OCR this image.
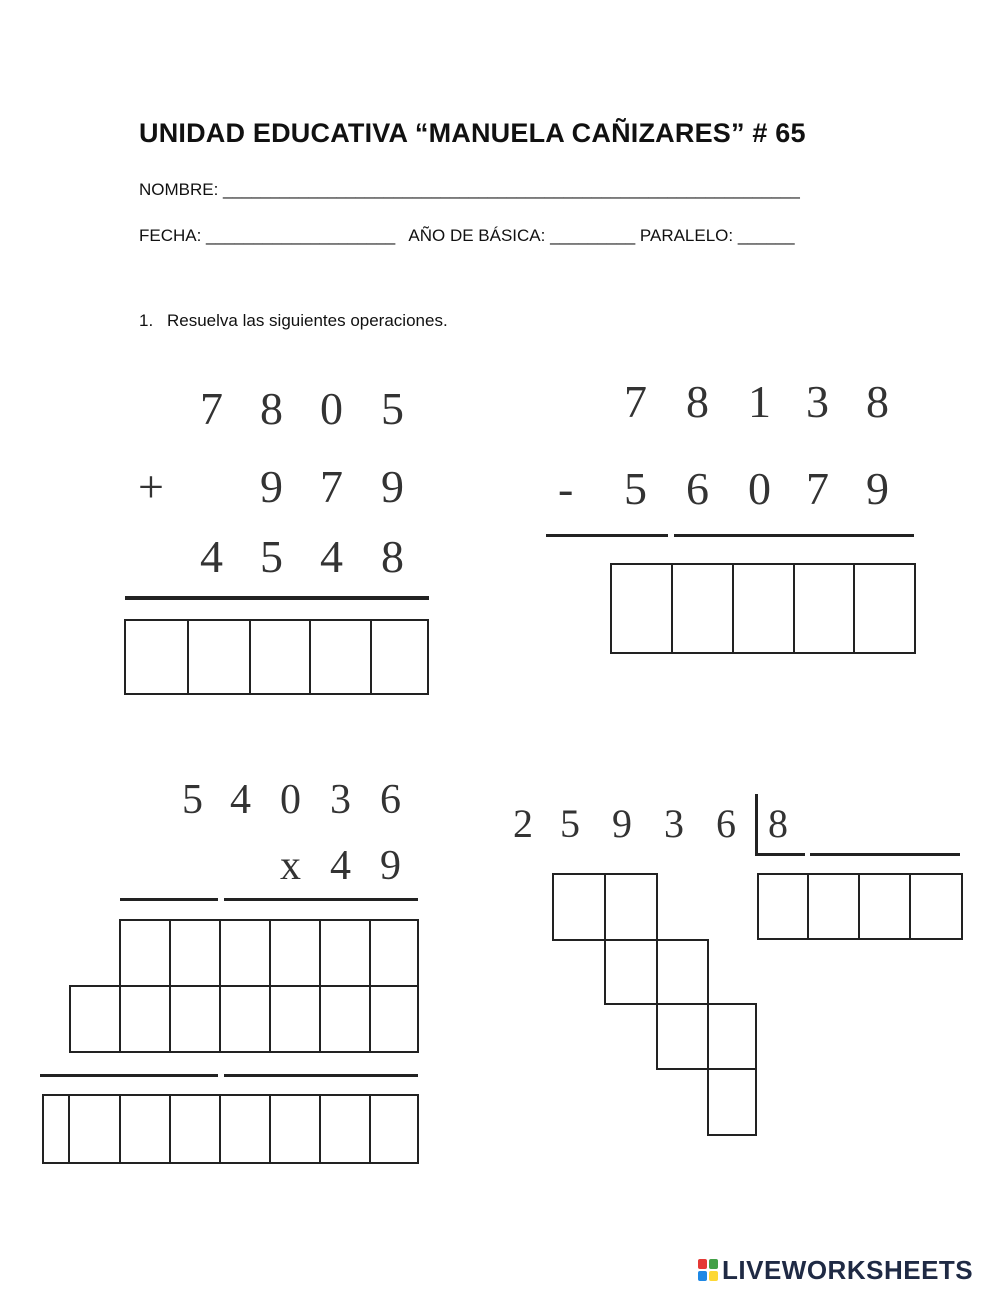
UNIDAD EDUCATIVA “MANUELA CAÑIZARES” # 65
NOMBRE: _____________________________________________________________
FECHA: ____________________   AÑO DE BÁSICA: _________ PARALELO: ______
1. Resuelva las siguientes operaciones.

7

8

0

5

+

9

7

9

4

5

4

8

7

8

1

3

8

-

5

6

0

7

9

5

4

0

3

6

x

4

9

2

5

9

3

6

8

LIVEWORKSHEETS
